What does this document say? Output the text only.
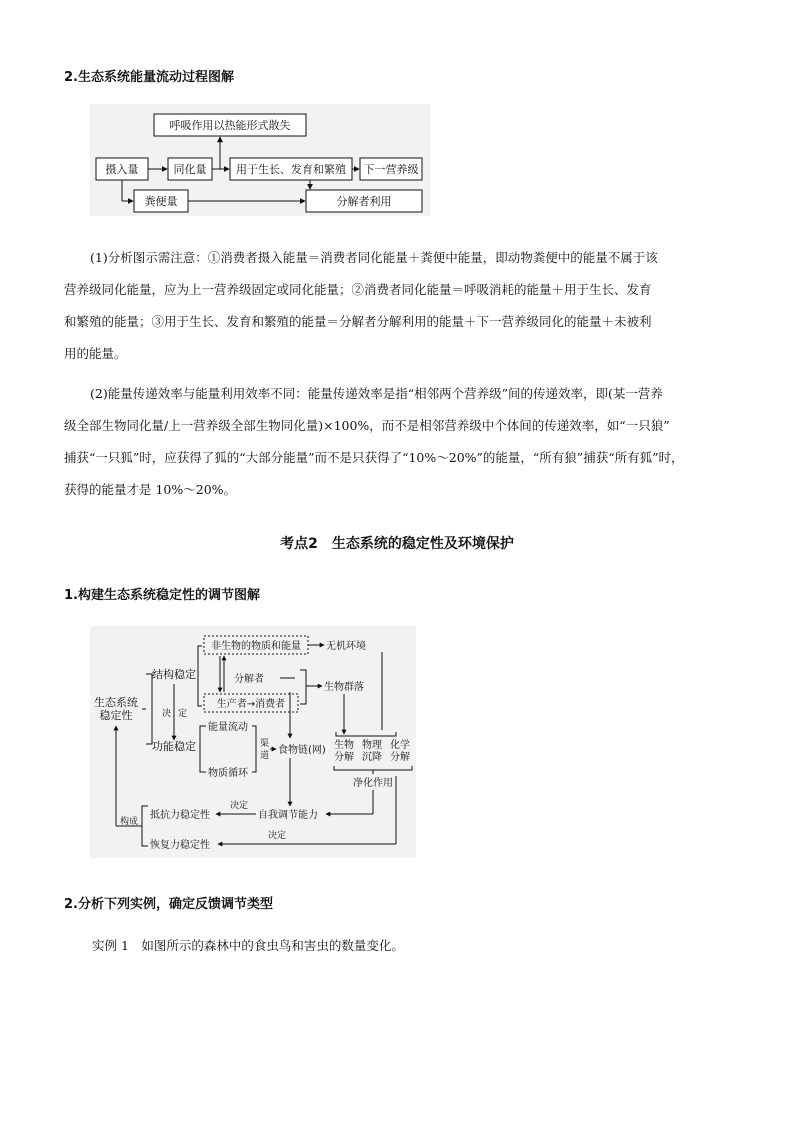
2.生态系统能量流动过程图解
呼吸作用以热能形式散失
摄入量	同化量	用于生长、发育和繁殖 下一营养级
粪便量	分解者利用
(1)分析图示需注意：①消费者摄入能量＝消费者同化能量＋粪便中能量，即动物粪便中的能量不属于该
营养级同化能量，应为上一营养级固定或同化能量；②消费者同化能量＝呼吸消耗的能量＋用于生长、发育
和繁殖的能量；③用于生长、发育和繁殖的能量＝分解者分解利用的能量＋下一营养级同化的能量＋未被利
用的能量。
(2)能量传递效率与能量利用效率不同：能量传递效率是指“相邻两个营养级”间的传递效率，即(某一营养
级全部生物同化量/上一营养级全部生物同化量)×100%，而不是相邻营养级中个体间的传递效率，如“一只狼”
捕获“一只狐”时，应获得了狐的“大部分能量”而不是只获得了“10%～20%”的能量，“所有狼”捕获“所有狐”时，
获得的能量才是 10%～20%。
考点2　生态系统的稳定性及环境保护
1.构建生态系统稳定性的调节图解
生态系统
稳定性
结构稳定
功能稳定
决 定
非生物的物质和能量	无机环境
分解者
生产者→消费者
生物群落
能量流动
物质循环
渠
道 食物链(网) 生物
分解
物理
沉降
化学
分解
净化作用
自我调节能力
决定
抵抗力稳定性
决定
恢复力稳定性
构成
2.分析下列实例，确定反馈调节类型
实例 1　如图所示的森林中的食虫鸟和害虫的数量变化。
